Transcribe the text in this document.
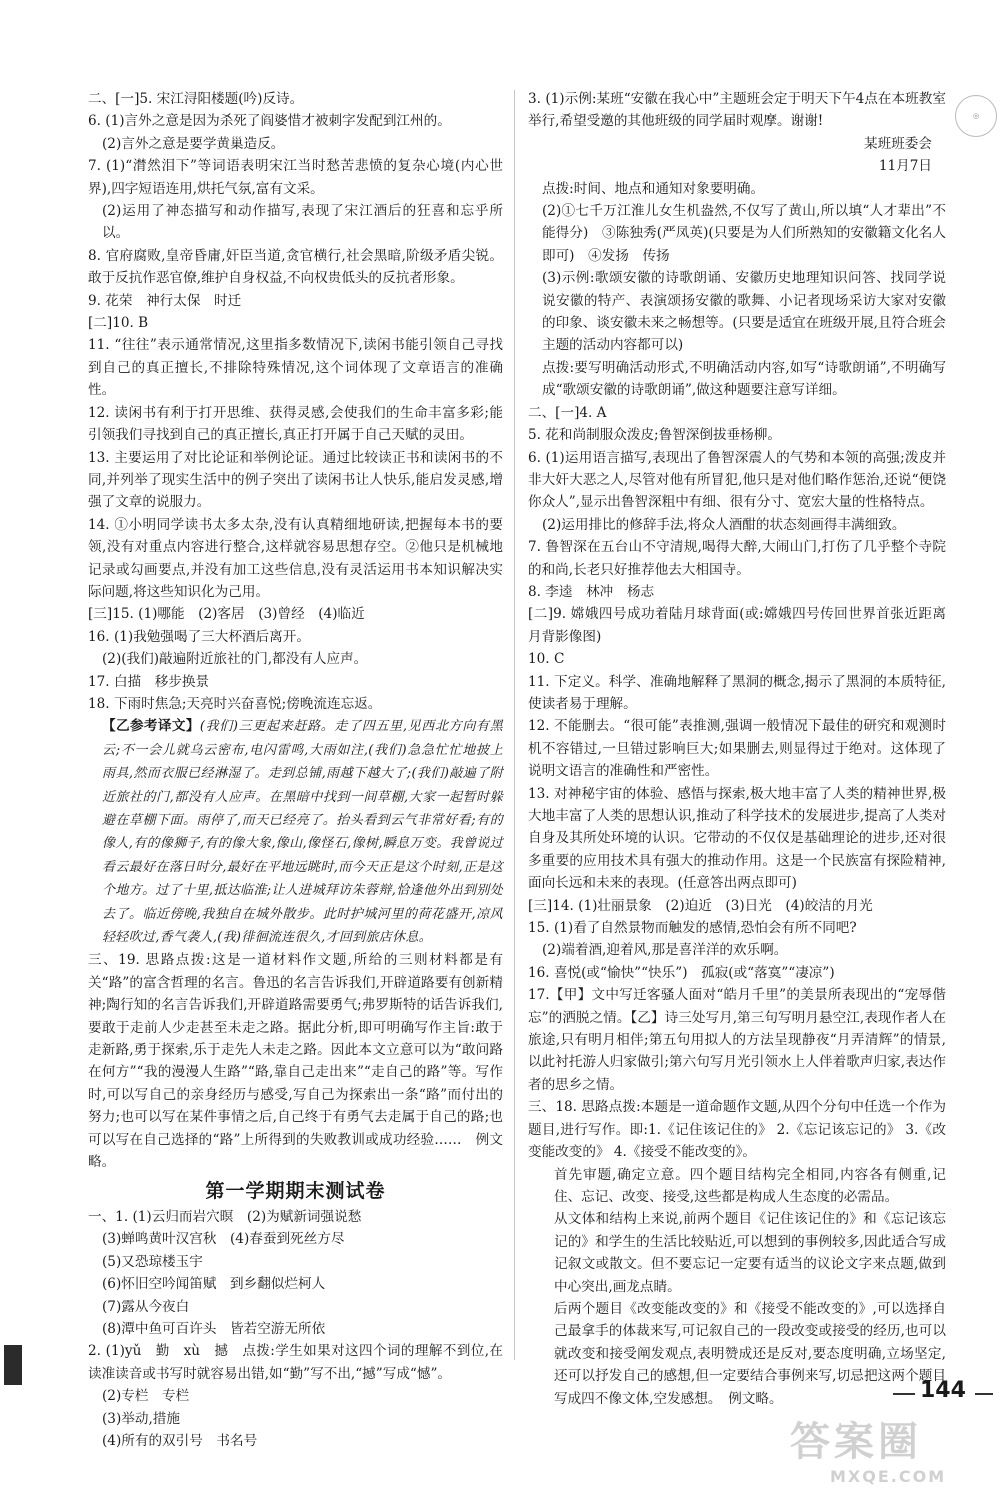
◎
二、[一]5. 宋江浔阳楼题(吟)反诗。
6. (1)言外之意是因为杀死了阎婆惜才被刺字发配到江州的。
(2)言外之意是要学黄巢造反。
7. (1)“潸然泪下”等词语表明宋江当时愁苦悲愤的复杂心境(内心世界),四字短语连用,烘托气氛,富有文采。
(2)运用了神态描写和动作描写,表现了宋江酒后的狂喜和忘乎所以。
8. 官府腐败,皇帝昏庸,奸臣当道,贪官横行,社会黑暗,阶级矛盾尖锐。敢于反抗作恶官僚,维护自身权益,不向权贵低头的反抗者形象。
9. 花荣　神行太保　时迁
[二]10. B
11. “往往”表示通常情况,这里指多数情况下,读闲书能引领自己寻找到自己的真正擅长,不排除特殊情况,这个词体现了文章语言的准确性。
12. 读闲书有利于打开思维、获得灵感,会使我们的生命丰富多彩;能引领我们寻找到自己的真正擅长,真正打开属于自己天赋的灵田。
13. 主要运用了对比论证和举例论证。通过比较读正书和读闲书的不同,并列举了现实生活中的例子突出了读闲书让人快乐,能启发灵感,增强了文章的说服力。
14. ①小明同学读书太多太杂,没有认真精细地研读,把握每本书的要领,没有对重点内容进行整合,这样就容易思想存空。②他只是机械地记录或勾画要点,并没有加工这些信息,没有灵活运用书本知识解决实际问题,将这些知识化为己用。
[三]15. (1)哪能　(2)客居　(3)曾经　(4)临近
16. (1)我勉强喝了三大杯酒后离开。
(2)(我们)敲遍附近旅社的门,都没有人应声。
17. 白描　移步换景
18. 下雨时焦急;天亮时兴奋喜悦;傍晚流连忘返。
【乙参考译文】(我们)三更起来赶路。走了四五里,见西北方向有黑云;不一会儿就乌云密布,电闪雷鸣,大雨如注,(我们)急急忙忙地披上雨具,然而衣服已经淋湿了。走到总铺,雨越下越大了;(我们)敲遍了附近旅社的门,都没有人应声。在黑暗中找到一间草棚,大家一起暂时躲避在草棚下面。雨停了,而天已经亮了。抬头看到云气非常好看;有的像人,有的像狮子,有的像大象,像山,像怪石,像树,瞬息万变。我曾说过看云最好在落日时分,最好在平地远眺时,而今天正是这个时刻,正是这个地方。过了十里,抵达临淮;让人进城拜访朱蓉辩,恰逢他外出到别处去了。临近傍晚,我独自在城外散步。此时护城河里的荷花盛开,凉风轻轻吹过,香气袭人,(我)徘徊流连很久,才回到旅店休息。
三、19. 思路点拨:这是一道材料作文题,所给的三则材料都是有关“路”的富含哲理的名言。鲁迅的名言告诉我们,开辟道路要有创新精神;陶行知的名言告诉我们,开辟道路需要勇气;弗罗斯特的话告诉我们,要敢于走前人少走甚至未走之路。据此分析,即可明确写作主旨:敢于走新路,勇于探索,乐于走先人未走之路。因此本文立意可以为“敢问路在何方”“我的漫漫人生路”“路,靠自己走出来”“走自己的路”等。写作时,可以写自己的亲身经历与感受,写自己为探索出一条“路”而付出的努力;也可以写在某件事情之后,自己终于有勇气去走属于自己的路;也可以写在自己选择的“路”上所得到的失败教训或成功经验……　例文略。
第一学期期末测试卷
一、1. (1)云归而岩穴暝　(2)为赋新词强说愁
(3)蝉鸣黄叶汉宫秋　(4)春蚕到死丝方尽
(5)又恐琼楼玉宇
(6)怀旧空吟闻笛赋　到乡翻似烂柯人
(7)露从今夜白
(8)潭中鱼可百许头　皆若空游无所依
2. (1)yǔ　勤　xù　撼　点拨:学生如果对这四个词的理解不到位,在读准读音或书写时就容易出错,如“勤”写不出,“撼”写成“憾”。
(2)专栏　专栏
(3)举动,措施
(4)所有的双引号　书名号
3. (1)示例:某班“安徽在我心中”主题班会定于明天下午4点在本班教室举行,希望受邀的其他班级的同学届时观摩。谢谢!
某班班委会
11月7日
点拨:时间、地点和通知对象要明确。
(2)①七千万江淮儿女生机盎然,不仅写了黄山,所以填“人才辈出”不能得分)　③陈独秀(严凤英)(只要是为人们所熟知的安徽籍文化名人即可)　④发扬　传扬
(3)示例:歌颂安徽的诗歌朗诵、安徽历史地理知识问答、找同学说说安徽的特产、表演颂扬安徽的歌舞、小记者现场采访大家对安徽的印象、谈安徽未来之畅想等。(只要是适宜在班级开展,且符合班会主题的活动内容都可以)
点拨:要写明确活动形式,不明确活动内容,如写“诗歌朗诵”,不明确写成“歌颂安徽的诗歌朗诵”,做这种题要注意写详细。
二、[一]4. A
5. 花和尚制服众泼皮;鲁智深倒拔垂杨柳。
6. (1)运用语言描写,表现出了鲁智深震人的气势和本领的高强;泼皮并非大奸大恶之人,尽管对他有所冒犯,他只是对他们略作惩治,还说“便饶你众人”,显示出鲁智深粗中有细、很有分寸、宽宏大量的性格特点。
(2)运用排比的修辞手法,将众人酒酣的状态刻画得丰满细致。
7. 鲁智深在五台山不守清规,喝得大醉,大闹山门,打伤了几乎整个寺院的和尚,长老只好推荐他去大相国寺。
8. 李逵　林冲　杨志
[二]9. 嫦娥四号成功着陆月球背面(或:嫦娥四号传回世界首张近距离月背影像图)
10. C
11. 下定义。科学、准确地解释了黑洞的概念,揭示了黑洞的本质特征,使读者易于理解。
12. 不能删去。“很可能”表推测,强调一般情况下最佳的研究和观测时机不容错过,一旦错过影响巨大;如果删去,则显得过于绝对。这体现了说明文语言的准确性和严密性。
13. 对神秘宇宙的体验、感悟与探索,极大地丰富了人类的精神世界,极大地丰富了人类的思想认识,推动了科学技术的发展进步,提高了人类对自身及其所处环境的认识。它带动的不仅仅是基础理论的进步,还对很多重要的应用技术具有强大的推动作用。这是一个民族富有探险精神,面向长远和未来的表现。(任意答出两点即可)
[三]14. (1)壮丽景象　(2)迫近　(3)日光　(4)皎洁的月光
15. (1)看了自然景物而触发的感情,恐怕会有所不同吧?
(2)端着酒,迎着风,那是喜洋洋的欢乐啊。
16. 喜悦(或“愉快”“快乐”)　孤寂(或“落寞”“凄凉”)
17.【甲】文中写迁客骚人面对“皓月千里”的美景所表现出的“宠辱偕忘”的洒脱之情。【乙】诗三处写月,第三句写明月悬空江,表现作者人在旅途,只有明月相伴;第五句用拟人的方法呈现静夜“月弄清辉”的情景,以此衬托游人归家做引;第六句写月光引领水上人伴着歌声归家,表达作者的思乡之情。
三、18. 思路点拨:本题是一道命题作文题,从四个分句中任选一个作为题目,进行写作。即:1.《记住该记住的》 2.《忘记该忘记的》 3.《改变能改变的》 4.《接受不能改变的》。
首先审题,确定立意。四个题目结构完全相同,内容各有侧重,记住、忘记、改变、接受,这些都是构成人生态度的必需品。
从文体和结构上来说,前两个题目《记住该记住的》和《忘记该忘记的》和学生的生活比较贴近,可以想到的事例较多,因此适合写成记叙文或散文。但不要忘记一定要有适当的议论文字来点题,做到中心突出,画龙点睛。
后两个题目《改变能改变的》和《接受不能改变的》,可以选择自己最拿手的体裁来写,可记叙自己的一段改变或接受的经历,也可以就改变和接受阐发观点,表明赞成还是反对,要态度明确,立场坚定,还可以抒发自己的感想,但一定要结合事例来写,切忌把这两个题目写成四不像文体,空发感想。　例文略。	144
答案圈
MXQE.COM
